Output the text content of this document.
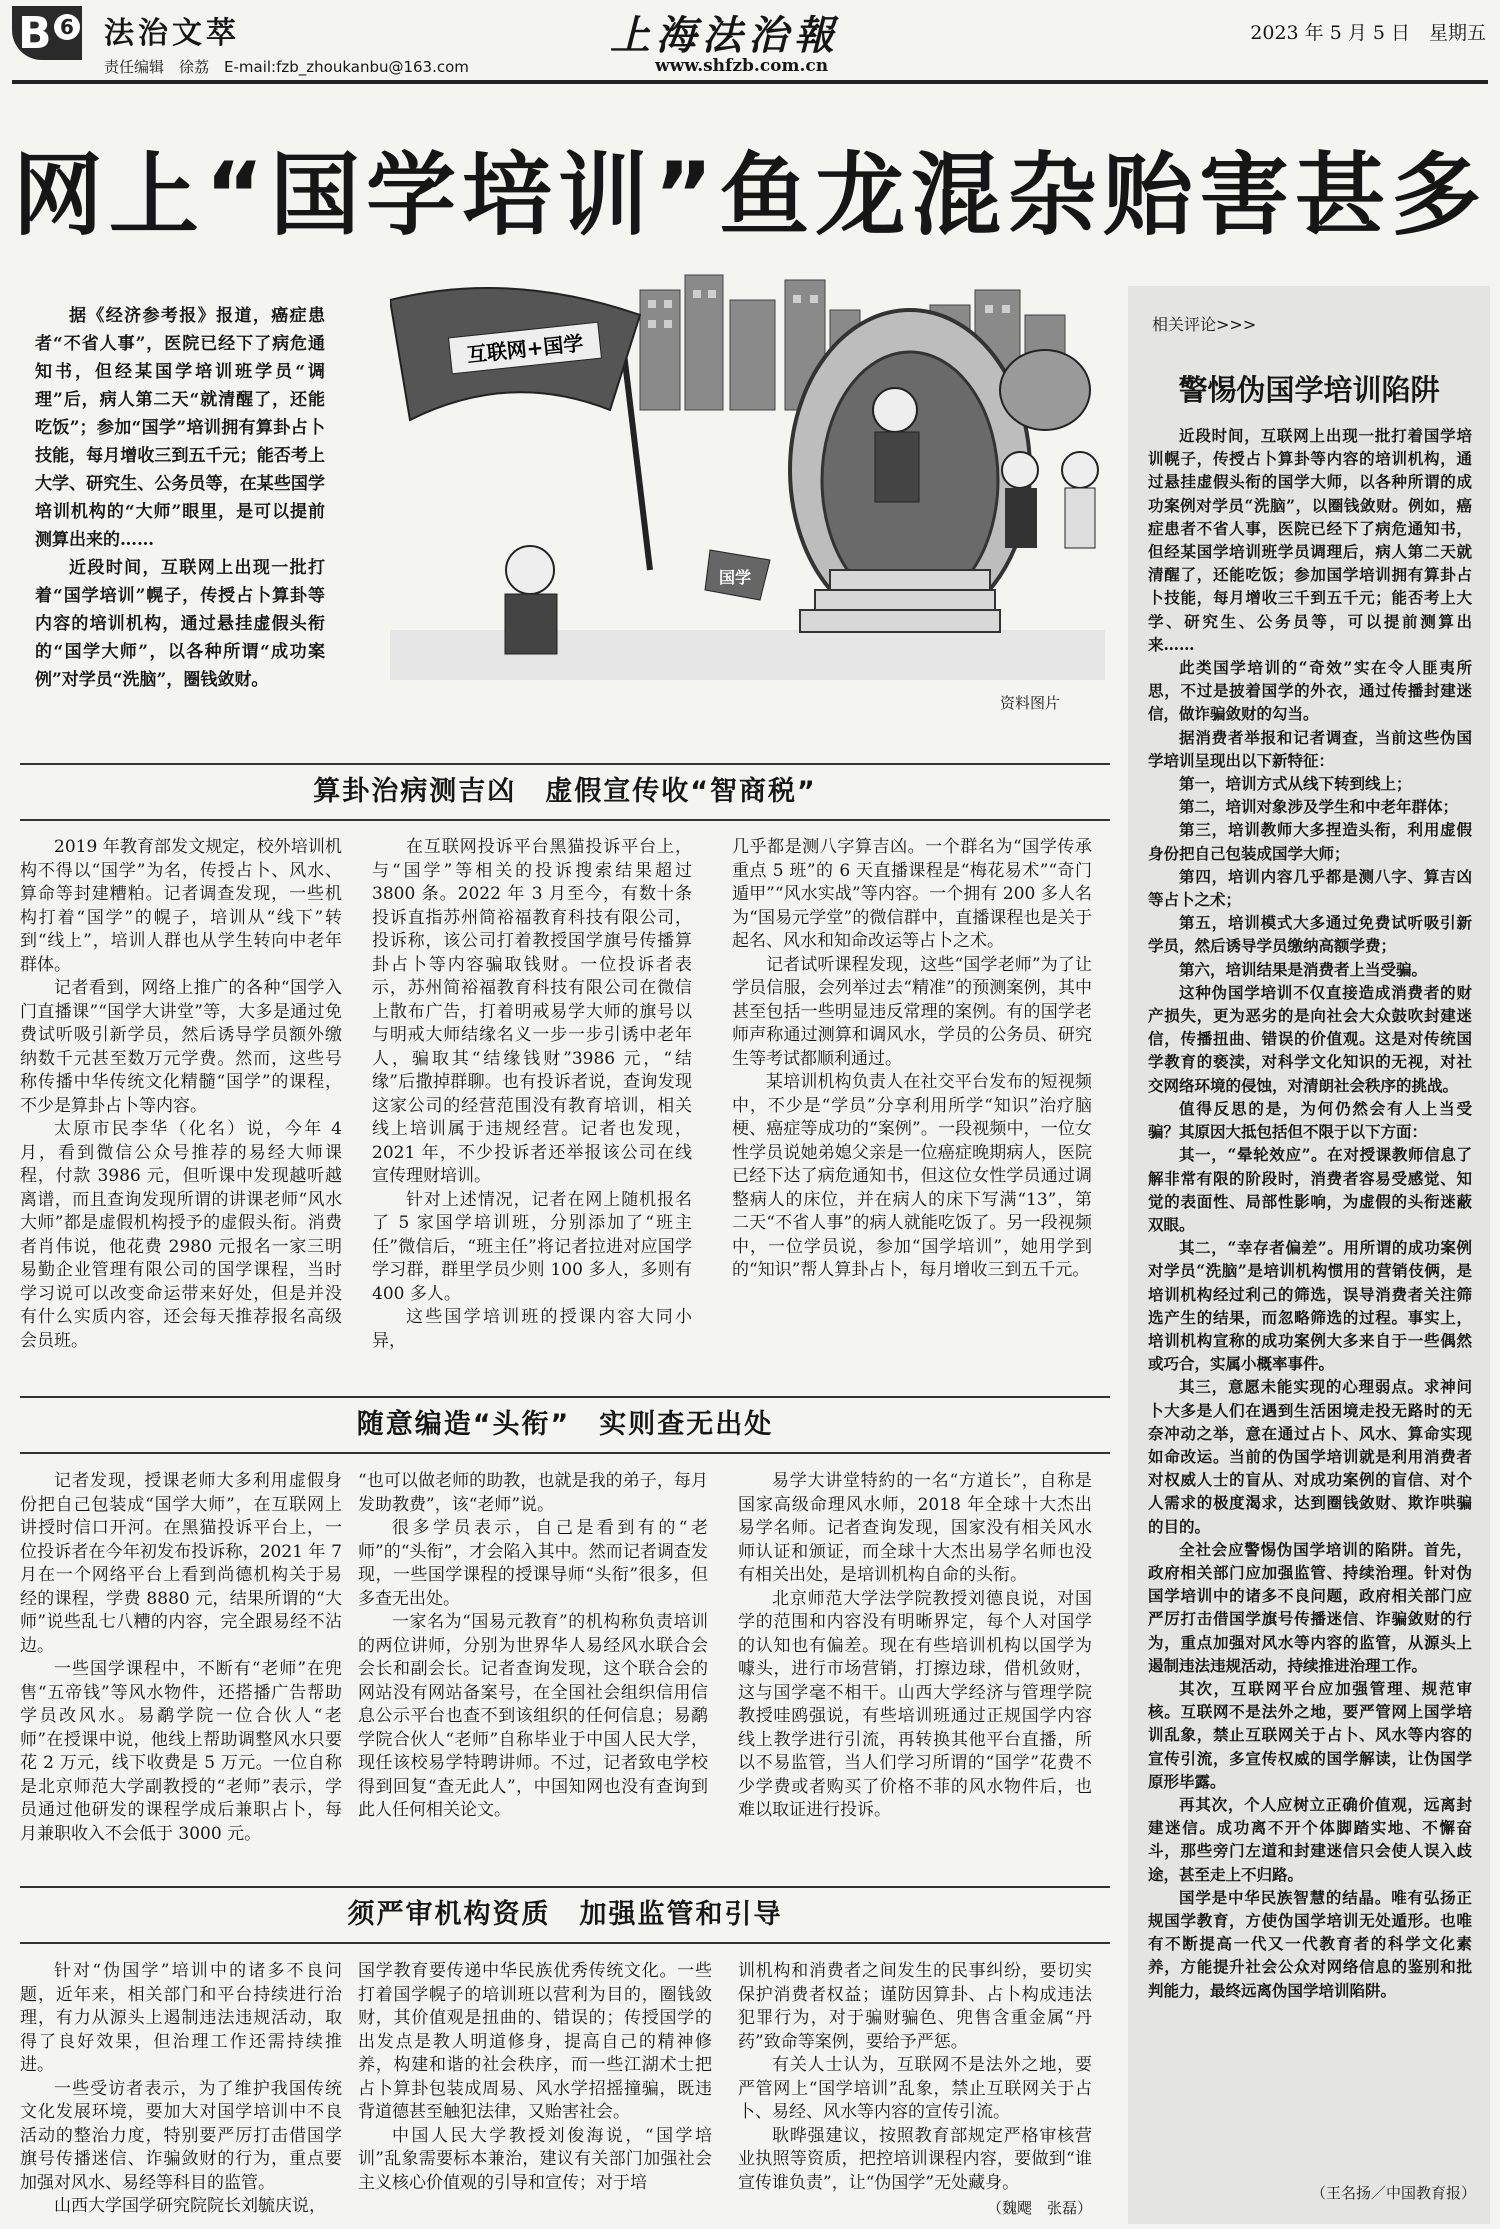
B 6 法治文萃
责任编辑　徐荔　E-mail:fzb_zhoukanbu@163.com
上海法治報
www.shfzb.com.cn
2023 年 5 月 5 日　星期五
网上“国学培训”鱼龙混杂贻害甚多

据《经济参考报》报道，癌症患者“不省人事”，医院已经下了病危通知书，但经某国学培训班学员“调理”后，病人第二天“就清醒了，还能吃饭”；参加“国学”培训拥有算卦占卜技能，每月增收三到五千元；能否考上大学、研究生、公务员等，在某些国学培训机构的“大师”眼里，是可以提前测算出来的……

近段时间，互联网上出现一批打着“国学培训”幌子，传授占卜算卦等内容的培训机构，通过悬挂虚假头衔的“国学大师”，以各种所谓“成功案例”对学员“洗脑”，圈钱敛财。

互联网+国学
国学
资料图片
算卦治病测吉凶　虚假宣传收“智商税”

2019 年教育部发文规定，校外培训机构不得以“国学”为名，传授占卜、风水、算命等封建糟粕。记者调查发现，一些机构打着“国学”的幌子，培训从“线下”转到“线上”，培训人群也从学生转向中老年群体。

记者看到，网络上推广的各种“国学入门直播课”“国学大讲堂”等，大多是通过免费试听吸引新学员，然后诱导学员额外缴纳数千元甚至数万元学费。然而，这些号称传播中华传统文化精髓“国学”的课程，不少是算卦占卜等内容。

太原市民李华（化名）说，今年 4 月，看到微信公众号推荐的易经大师课程，付款 3986 元，但听课中发现越听越离谱，而且查询发现所谓的讲课老师“风水大师”都是虚假机构授予的虚假头衔。消费者肖伟说，他花费 2980 元报名一家三明易勤企业管理有限公司的国学课程，当时学习说可以改变命运带来好处，但是并没有什么实质内容，还会每天推荐报名高级会员班。

在互联网投诉平台黑猫投诉平台上，与“国学”等相关的投诉搜索结果超过 3800 条。2022 年 3 月至今，有数十条投诉直指苏州简裕福教育科技有限公司，投诉称，该公司打着教授国学旗号传播算卦占卜等内容骗取钱财。一位投诉者表示，苏州简裕福教育科技有限公司在微信上散布广告，打着明戒易学大师的旗号以与明戒大师结缘名义一步一步引诱中老年人，骗取其“结缘钱财”3986 元，“结缘”后撒掉群聊。也有投诉者说，查询发现这家公司的经营范围没有教育培训，相关线上培训属于违规经营。记者也发现，2021 年，不少投诉者还举报该公司在线宣传理财培训。

针对上述情况，记者在网上随机报名了 5 家国学培训班，分别添加了“班主任”微信后，“班主任”将记者拉进对应国学学习群，群里学员少则 100 多人，多则有 400 多人。

这些国学培训班的授课内容大同小异，

几乎都是测八字算吉凶。一个群名为“国学传承重点 5 班”的 6 天直播课程是“梅花易术”“奇门遁甲”“风水实战”等内容。一个拥有 200 多人名为“国易元学堂”的微信群中，直播课程也是关于起名、风水和知命改运等占卜之术。

记者试听课程发现，这些“国学老师”为了让学员信服，会列举过去“精准”的预测案例，其中甚至包括一些明显违反常理的案例。有的国学老师声称通过测算和调风水，学员的公务员、研究生等考试都顺利通过。

某培训机构负责人在社交平台发布的短视频中，不少是“学员”分享利用所学“知识”治疗脑梗、癌症等成功的“案例”。一段视频中，一位女性学员说她弟媳父亲是一位癌症晚期病人，医院已经下达了病危通知书，但这位女性学员通过调整病人的床位，并在病人的床下写满“13”，第二天“不省人事”的病人就能吃饭了。另一段视频中，一位学员说，参加“国学培训”，她用学到的“知识”帮人算卦占卜，每月增收三到五千元。

随意编造“头衔”　实则查无出处

记者发现，授课老师大多利用虚假身份把自己包装成“国学大师”，在互联网上讲授时信口开河。在黑猫投诉平台上，一位投诉者在今年初发布投诉称，2021 年 7 月在一个网络平台上看到尚德机构关于易经的课程，学费 8880 元，结果所谓的“大师”说些乱七八糟的内容，完全跟易经不沾边。

一些国学课程中，不断有“老师”在兜售“五帝钱”等风水物件，还搭播广告帮助学员改风水。易鹬学院一位合伙人“老师”在授课中说，他线上帮助调整风水只要花 2 万元，线下收费是 5 万元。一位自称是北京师范大学副教授的“老师”表示，学员通过他研发的课程学成后兼职占卜，每月兼职收入不会低于 3000 元。

“也可以做老师的助教，也就是我的弟子，每月发助教费”，该“老师”说。

很多学员表示，自己是看到有的“老师”的“头衔”，才会陷入其中。然而记者调查发现，一些国学课程的授课导师“头衔”很多，但多查无出处。

一家名为“国易元教育”的机构称负责培训的两位讲师，分别为世界华人易经风水联合会会长和副会长。记者查询发现，这个联合会的网站没有网站备案号，在全国社会组织信用信息公示平台也查不到该组织的任何信息；易鹬学院合伙人“老师”自称毕业于中国人民大学，现任该校易学特聘讲师。不过，记者致电学校得到回复“查无此人”，中国知网也没有查询到此人任何相关论文。

易学大讲堂特約的一名“方道长”，自称是国家高级命理风水师，2018 年全球十大杰出易学名师。记者查询发现，国家没有相关风水师认证和颁证，而全球十大杰出易学名师也没有相关出处，是培训机构自命的头衔。

北京师范大学法学院教授刘德良说，对国学的范围和内容没有明晰界定，每个人对国学的认知也有偏差。现在有些培训机构以国学为噱头，进行市场营销，打擦边球，借机敛财，这与国学毫不相干。山西大学经济与管理学院教授哇鸥强说，有些培训班通过正规国学内容线上教学进行引流，再转换其他平台直播，所以不易监管，当人们学习所谓的“国学”花费不少学费或者购买了价格不菲的风水物件后，也难以取证进行投诉。

须严审机构资质　加强监管和引导

针对“伪国学”培训中的诸多不良问题，近年来，相关部门和平台持续进行治理，有力从源头上遏制违法违规活动，取得了良好效果，但治理工作还需持续推进。

一些受访者表示，为了维护我国传统文化发展环境，要加大对国学培训中不良活动的整治力度，特别要严厉打击借国学旗号传播迷信、诈骗敛财的行为，重点要加强对风水、易经等科目的监管。

山西大学国学研究院院长刘毓庆说，

国学教育要传递中华民族优秀传统文化。一些打着国学幌子的培训班以营利为目的，圈钱敛财，其价值观是扭曲的、错误的；传授国学的出发点是教人明道修身，提高自己的精神修养，构建和谐的社会秩序，而一些江湖术士把占卜算卦包装成周易、风水学招摇撞骗，既违背道德甚至触犯法律，又贻害社会。

中国人民大学教授刘俊海说，“国学培训”乱象需要标本兼治，建议有关部门加强社会主义核心价值观的引导和宣传；对于培

训机构和消费者之间发生的民事纠纷，要切实保护消费者权益；谨防因算卦、占卜构成违法犯罪行为，对于骗财骗色、兜售含重金属“丹药”致命等案例，要给予严惩。

有关人士认为，互联网不是法外之地，要严管网上“国学培训”乱象，禁止互联网关于占卜、易经、风水等内容的宣传引流。

耿晔强建议，按照教育部规定严格审核营业执照等资质，把控培训课程内容，要做到“谁宣传谁负责”，让“伪国学”无处藏身。

（魏飔　张磊）
相关评论>>>
警惕伪国学培训陷阱

近段时间，互联网上出现一批打着国学培训幌子，传授占卜算卦等内容的培训机构，通过悬挂虚假头衔的国学大师，以各种所谓的成功案例对学员“洗脑”，以圈钱敛财。例如，癌症患者不省人事，医院已经下了病危通知书，但经某国学培训班学员调理后，病人第二天就清醒了，还能吃饭；参加国学培训拥有算卦占卜技能，每月增收三千到五千元；能否考上大学、研究生、公务员等，可以提前测算出来……

此类国学培训的“奇效”实在令人匪夷所思，不过是披着国学的外衣，通过传播封建迷信，做诈骗敛财的勾当。

据消费者举报和记者调查，当前这些伪国学培训呈现出以下新特征：

第一，培训方式从线下转到线上；

第二，培训对象涉及学生和中老年群体；

第三，培训教师大多捏造头衔，利用虚假身份把自己包装成国学大师；

第四，培训内容几乎都是测八字、算吉凶等占卜之术；

第五，培训模式大多通过免费试听吸引新学员，然后诱导学员缴纳高额学费；

第六，培训结果是消费者上当受骗。

这种伪国学培训不仅直接造成消费者的财产损失，更为恶劣的是向社会大众鼓吹封建迷信，传播扭曲、错误的价值观。这是对传统国学教育的亵渎，对科学文化知识的无视，对社交网络环境的侵蚀，对清朗社会秩序的挑战。

值得反思的是，为何仍然会有人上当受骗？其原因大抵包括但不限于以下方面：

其一，“晕轮效应”。在对授课教师信息了解非常有限的阶段时，消费者容易受感觉、知觉的表面性、局部性影响，为虚假的头衔迷蔽双眼。

其二，“幸存者偏差”。用所谓的成功案例对学员“洗脑”是培训机构惯用的营销伎俩，是培训机构经过利己的筛选，误导消费者关注筛选产生的结果，而忽略筛选的过程。事实上，培训机构宣称的成功案例大多来自于一些偶然或巧合，实属小概率事件。

其三，意愿未能实现的心理弱点。求神问卜大多是人们在遇到生活困境走投无路时的无奈冲动之举，意在通过占卜、风水、算命实现如命改运。当前的伪国学培训就是利用消费者对权威人士的盲从、对成功案例的盲信、对个人需求的极度渴求，达到圈钱敛财、欺诈哄骗的目的。

全社会应警惕伪国学培训的陷阱。首先，政府相关部门应加强监管、持续治理。针对伪国学培训中的诸多不良问题，政府相关部门应严厉打击借国学旗号传播迷信、诈骗敛财的行为，重点加强对风水等内容的监管，从源头上遏制违法违规活动，持续推进治理工作。

其次，互联网平台应加强管理、规范审核。互联网不是法外之地，要严管网上国学培训乱象，禁止互联网关于占卜、风水等内容的宣传引流，多宣传权威的国学解读，让伪国学原形毕露。

再其次，个人应树立正确价值观，远离封建迷信。成功离不开个体脚踏实地、不懈奋斗，那些旁门左道和封建迷信只会使人误入歧途，甚至走上不归路。

国学是中华民族智慧的结晶。唯有弘扬正规国学教育，方使伪国学培训无处遁形。也唯有不断提高一代又一代教育者的科学文化素养，方能提升社会公众对网络信息的鉴别和批判能力，最终远离伪国学培训陷阱。

（王名扬／中国教育报）
